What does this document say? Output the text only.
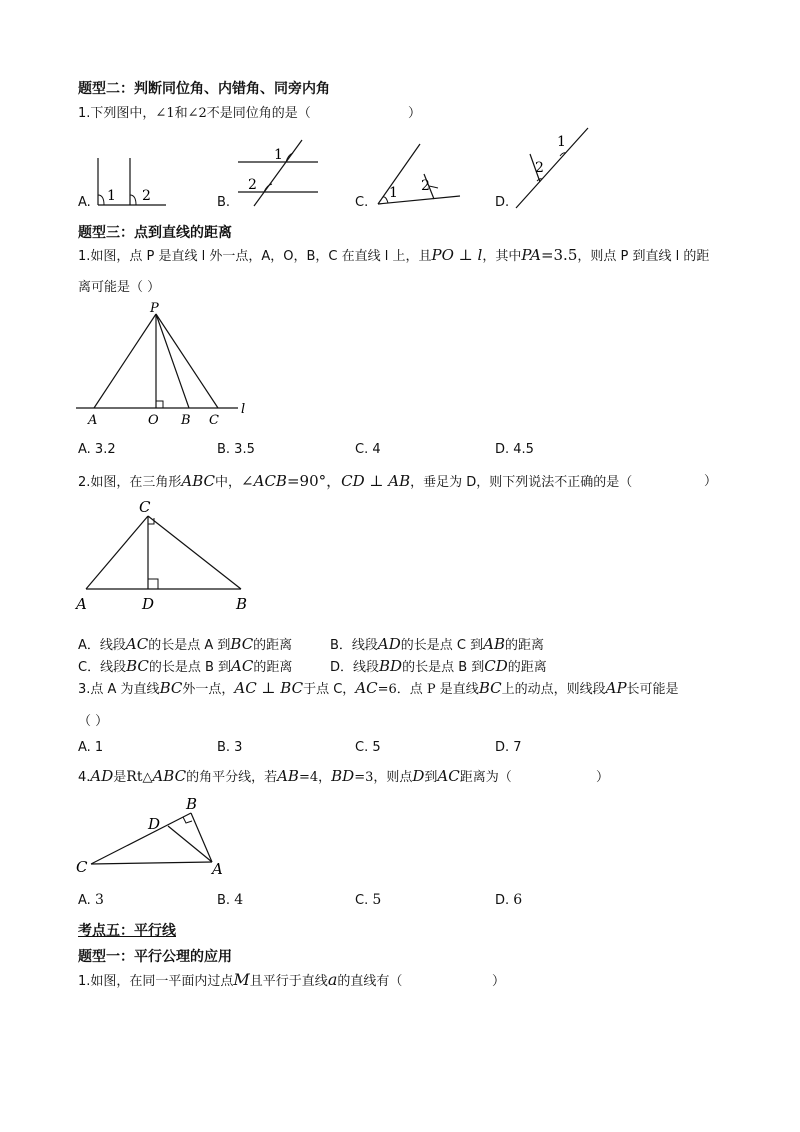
题型二：判断同位角、内错角、同旁内角
1.下列图中，∠1和∠2不是同位角的是（	）
1 2
1
2	1 2
1
2
A.	B.	C.	D.
题型三：点到直线的距离
1.如图，点 P 是直线 l 外一点，A，O，B，C 在直线 l 上，且PO ⊥ l，其中PA=3.5，则点 P 到直线 l 的距
离可能是（ ）
P
A	O B C
l
A. 3.2	B. 3.5	C. 4	D. 4.5
2.如图，在三角形ABC中，∠ACB=90°，CD ⊥ AB，垂足为 D，则下列说法不正确的是（	）
C
A	D	B
A．线段AC的长是点 A 到BC的距离	B．线段AD的长是点 C 到AB的距离
C．线段BC的长是点 B 到AC的距离	D．线段BD的长是点 B 到CD的距离
3.点 A 为直线BC外一点，AC ⊥ BC于点 C，AC=6．点 P 是直线BC上的动点，则线段AP长可能是
（ ）
A. 1	B. 3	C. 5	D. 7
4.AD是Rt△ABC的角平分线，若AB=4，BD=3，则点D到AC距离为（	）
B
D
C	A
A. 3	B. 4	C. 5	D. 6
考点五：平行线
题型一：平行公理的应用
1.如图，在同一平面内过点M且平行于直线a的直线有（	）
